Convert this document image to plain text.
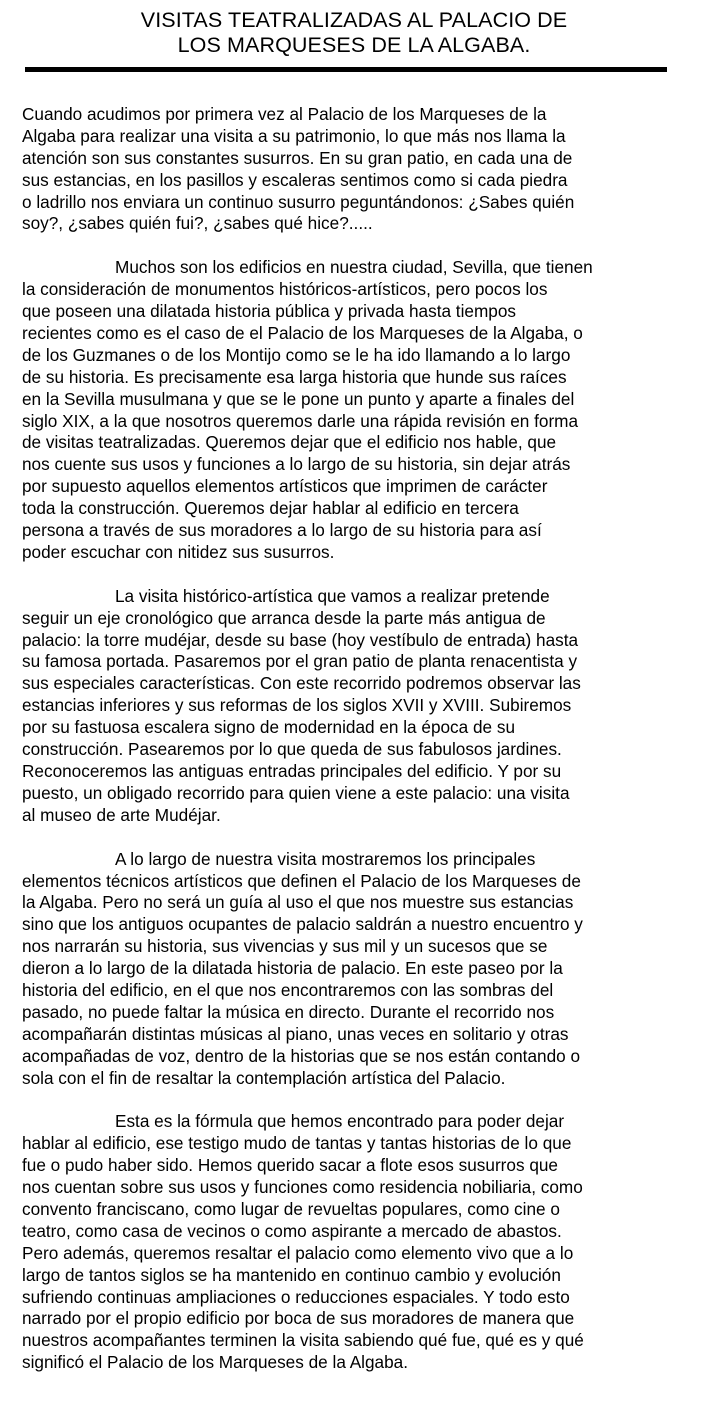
VISITAS TEATRALIZADAS AL PALACIO DE
LOS MARQUESES DE LA ALGABA.
Cuando acudimos por primera vez al Palacio de los Marqueses de la
Algaba para realizar una visita a su patrimonio, lo que más nos llama la
atención son sus constantes susurros. En su gran patio, en cada una de
sus estancias, en los pasillos y escaleras sentimos como si cada piedra
o ladrillo nos enviara un continuo susurro peguntándonos: ¿Sabes quién
soy?, ¿sabes quién fui?, ¿sabes qué hice?.....
Muchos son los edificios en nuestra ciudad, Sevilla, que tienen
la consideración de monumentos históricos-artísticos, pero pocos los
que poseen una dilatada historia pública y privada hasta tiempos
recientes como es el caso de el Palacio de los Marqueses de la Algaba, o
de los Guzmanes o de los Montijo como se le ha ido llamando a lo largo
de su historia. Es precisamente esa larga historia que hunde sus raíces
en la Sevilla musulmana y que se le pone un punto y aparte a finales del
siglo XIX, a la que nosotros queremos darle una rápida revisión en forma
de visitas teatralizadas. Queremos dejar que el edificio nos hable, que
nos cuente sus usos y funciones a lo largo de su historia, sin dejar atrás
por supuesto aquellos elementos artísticos que imprimen de carácter
toda la construcción. Queremos dejar hablar al edificio en tercera
persona a través de sus moradores a lo largo de su historia para así
poder escuchar con nitidez sus susurros.
La visita histórico-artística que vamos a realizar pretende
seguir un eje cronológico que arranca desde la parte más antigua de
palacio: la torre mudéjar, desde su base (hoy vestíbulo de entrada) hasta
su famosa portada. Pasaremos por el gran patio de planta renacentista y
sus especiales características. Con este recorrido podremos observar las
estancias inferiores y sus reformas de los siglos XVII y XVIII. Subiremos
por su fastuosa escalera signo de modernidad en la época de su
construcción. Pasearemos por lo que queda de sus fabulosos jardines.
Reconoceremos las antiguas entradas principales del edificio. Y por su
puesto, un obligado recorrido para quien viene a este palacio: una visita
al museo de arte Mudéjar.
A lo largo de nuestra visita mostraremos los principales
elementos técnicos artísticos que definen el Palacio de los Marqueses de
la Algaba. Pero no será un guía al uso el que nos muestre sus estancias
sino que los antiguos ocupantes de palacio saldrán a nuestro encuentro y
nos narrarán su historia, sus vivencias y sus mil y un sucesos que se
dieron a lo largo de la dilatada historia de palacio. En este paseo por la
historia del edificio, en el que nos encontraremos con las sombras del
pasado, no puede faltar la música en directo. Durante el recorrido nos
acompañarán distintas músicas al piano, unas veces en solitario y otras
acompañadas de voz, dentro de la historias que se nos están contando o
sola con el fin de resaltar la contemplación artística del Palacio.
Esta es la fórmula que hemos encontrado para poder dejar
hablar al edificio, ese testigo mudo de tantas y tantas historias de lo que
fue o pudo haber sido. Hemos querido sacar a flote esos susurros que
nos cuentan sobre sus usos y funciones como residencia nobiliaria, como
convento franciscano, como lugar de revueltas populares, como cine o
teatro, como casa de vecinos o como aspirante a mercado de abastos.
Pero además, queremos resaltar el palacio como elemento vivo que a lo
largo de tantos siglos se ha mantenido en continuo cambio y evolución
sufriendo continuas ampliaciones o reducciones espaciales. Y todo esto
narrado por el propio edificio por boca de sus moradores de manera que
nuestros acompañantes terminen la visita sabiendo qué fue, qué es y qué
significó el Palacio de los Marqueses de la Algaba.
